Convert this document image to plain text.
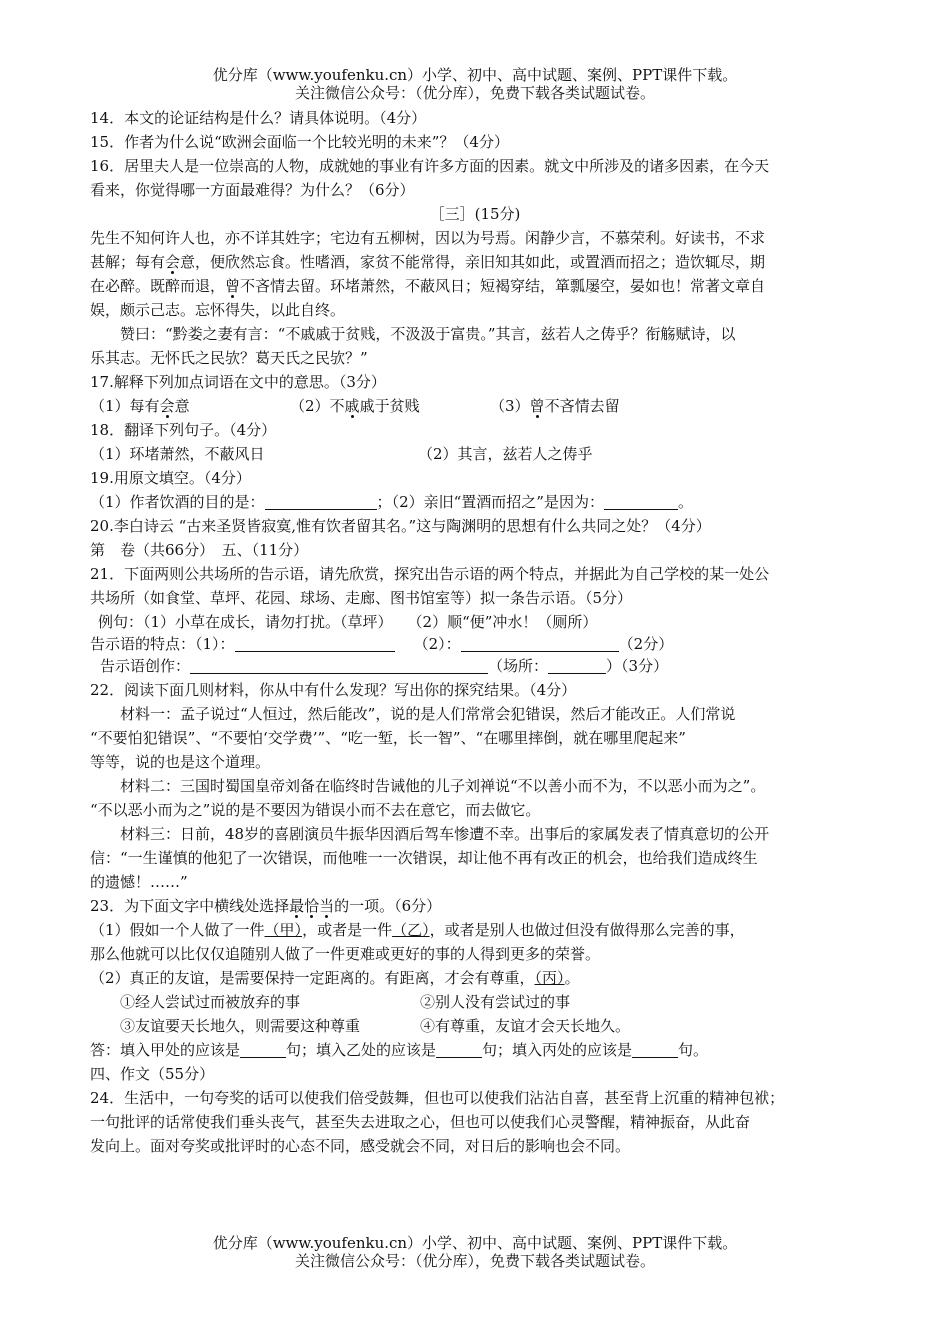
优分库（www.youfenku.cn）小学、初中、高中试题、案例、PPT课件下载。
关注微信公众号：（优分库），免费下载各类试题试卷。
14．本文的论证结构是什么？请具体说明。（4分）
15．作者为什么说“欧洲会面临一个比较光明的未来”？（4分）
16．居里夫人是一位崇高的人物，成就她的事业有许多方面的因素。就文中所涉及的诸多因素，在今天
看来，你觉得哪一方面最难得？为什么？（6分）
［三］(15分)
先生不知何许人也，亦不详其姓字；宅边有五柳树，因以为号焉。闲静少言，不慕荣利。好读书，不求
甚解；每有会意，便欣然忘食。性嗜酒，家贫不能常得，亲旧知其如此，或置酒而招之；造饮辄尽，期
在必醉。既醉而退，曾不吝情去留。环堵萧然，不蔽风日；短褐穿结，箪瓢屡空，晏如也！常著文章自
娱，颇示己志。忘怀得失，以此自终。
赞曰：“黔娄之妻有言：“不戚戚于贫贱，不汲汲于富贵。”其言，兹若人之俦乎？衔觞赋诗，以
乐其志。无怀氏之民欤？葛天氏之民欤？”
17.解释下列加点词语在文中的意思。（3分）
（1）每有会意	（2）不戚戚于贫贱	（3）曾不吝情去留
18．翻译下列句子。（4分）
（1）环堵萧然，不蔽风日	（2）其言，兹若人之俦乎
19.用原文填空。（4分）
（1）作者饮酒的目的是：	；（2）亲旧“置酒而招之”是因为：	。
20.李白诗云 “古来圣贤皆寂寞,惟有饮者留其名。”这与陶渊明的思想有什么共同之处？（4分）
第　卷（共66分）　五、（11分）
21．下面两则公共场所的告示语，请先欣赏，探究出告示语的两个特点，并据此为自己学校的某一处公
共场所（如食堂、草坪、花园、球场、走廊、图书馆室等）拟一条告示语。（5分）
例句：（1）小草在成长，请勿打扰。（草坪）　　（2）顺“便”冲水！（厕所）
告示语的特点：（1）：	（2）：	（2分）
告示语创作：	（场所：	）（3分）
22．阅读下面几则材料，你从中有什么发现？写出你的探究结果。（4分）
材料一：孟子说过“人恒过，然后能改”，说的是人们常常会犯错误，然后才能改正。人们常说
“不要怕犯错误”、“不要怕‘交学费’”、“吃一堑，长一智”、“在哪里摔倒，就在哪里爬起来”
等等，说的也是这个道理。
材料二：三国时蜀国皇帝刘备在临终时告诫他的儿子刘禅说“不以善小而不为，不以恶小而为之”。
“不以恶小而为之”说的是不要因为错误小而不去在意它，而去做它。
材料三：日前，48岁的喜剧演员牛振华因酒后驾车惨遭不幸。出事后的家属发表了情真意切的公开
信：“一生谨慎的他犯了一次错误，而他唯一一次错误，却让他不再有改正的机会，也给我们造成终生
的遗憾！……”
23．为下面文字中横线处选择最恰当的一项。（6分）
（1）假如一个人做了一件（甲），或者是一件（乙），或者是别人也做过但没有做得那么完善的事，
那么他就可以比仅仅追随别人做了一件更难或更好的事的人得到更多的荣誉。
（2）真正的友谊，是需要保持一定距离的。有距离，才会有尊重，（丙）。
①经人尝试过而被放弃的事	②别人没有尝试过的事
③友谊要天长地久，则需要这种尊重	④有尊重，友谊才会天长地久。
答：填入甲处的应该是	句；填入乙处的应该是	句；填入丙处的应该是	句。
四、作文（55分）
24．生活中，一句夸奖的话可以使我们倍受鼓舞，但也可以使我们沾沾自喜，甚至背上沉重的精神包袱；
一句批评的话常使我们垂头丧气，甚至失去进取之心，但也可以使我们心灵警醒，精神振奋，从此奋
发向上。面对夸奖或批评时的心态不同，感受就会不同，对日后的影响也会不同。
优分库（www.youfenku.cn）小学、初中、高中试题、案例、PPT课件下载。
关注微信公众号：（优分库），免费下载各类试题试卷。
